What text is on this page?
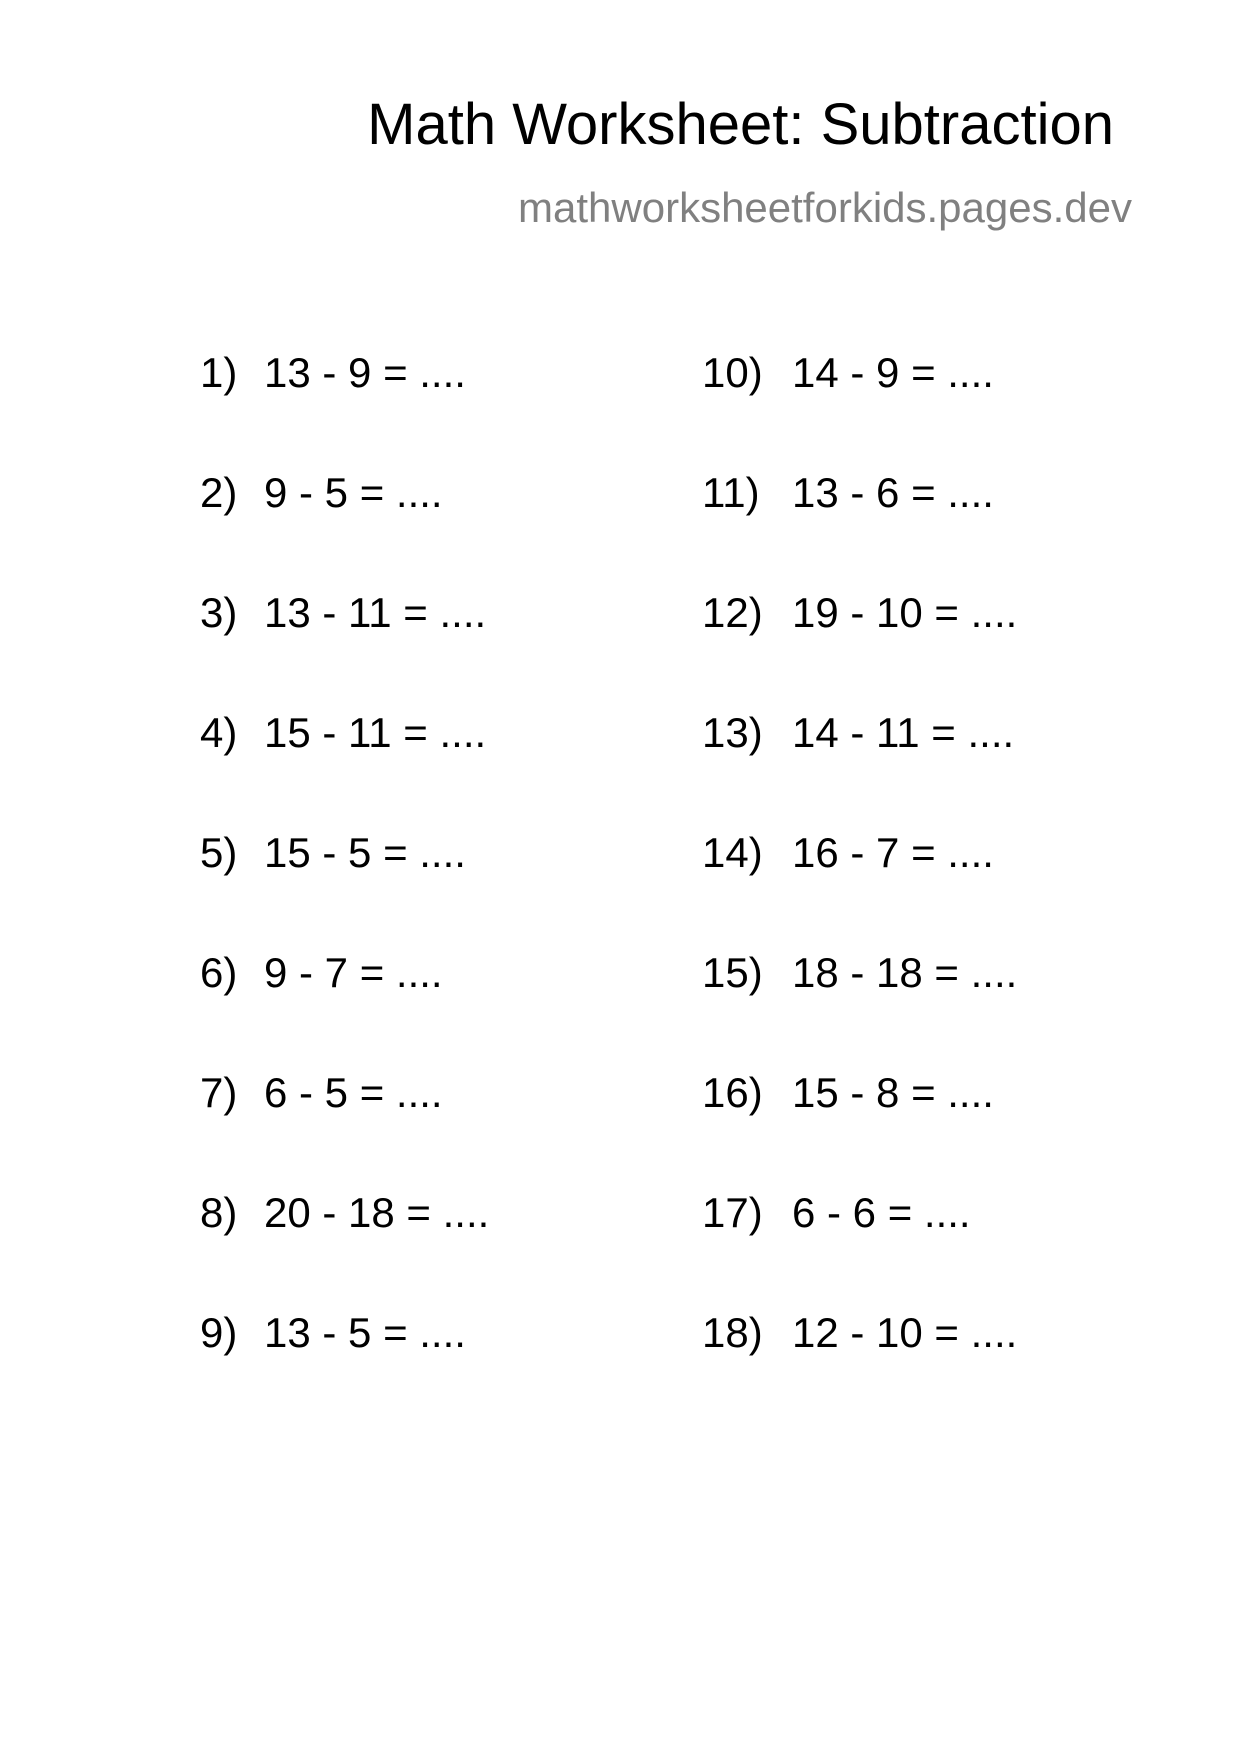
Math Worksheet: Subtraction
mathworksheetforkids.pages.dev
1) 13 - 9 = ....
2) 9 - 5 = ....
3) 13 - 11 = ....
4) 15 - 11 = ....
5) 15 - 5 = ....
6) 9 - 7 = ....
7) 6 - 5 = ....
8) 20 - 18 = ....
9) 13 - 5 = ....
10) 14 - 9 = ....
11) 13 - 6 = ....
12) 19 - 10 = ....
13) 14 - 11 = ....
14) 16 - 7 = ....
15) 18 - 18 = ....
16) 15 - 8 = ....
17) 6 - 6 = ....
18) 12 - 10 = ....
